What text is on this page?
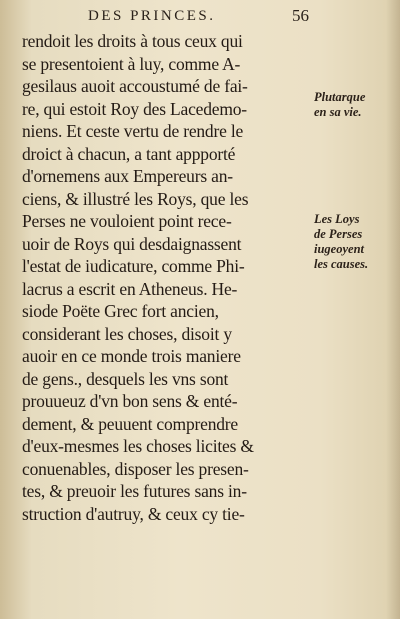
DES PRINCES.	56
rendoit les droits à tous ceux qui
se presentoient à luy, comme A-
gesilaus auoit accoustumé de fai-
re, qui estoit Roy des Lacedemo-
niens. Et ceste vertu de rendre le
droict à chacun, a tant appporté
d'ornemens aux Empereurs an-
ciens, & illustré les Roys, que les
Perses ne vouloient point rece-
uoir de Roys qui desdaignassent
l'estat de iudicature, comme Phi-
lacrus a escrit en Atheneus. He-
siode Poëte Grec fort ancien,
considerant les choses, disoit y
auoir en ce monde trois maniere
de gens., desquels les vns sont
prouueuz d'vn bon sens & enté-
dement, & peuuent comprendre
d'eux-mesmes les choses licites &
conuenables, disposer les presen-
tes, & preuoir les futures sans in-
struction d'autruy, & ceux cy tie-
Plutarque
en sa vie.
Les Loys
de Perses
iugeoyent
les causes.
